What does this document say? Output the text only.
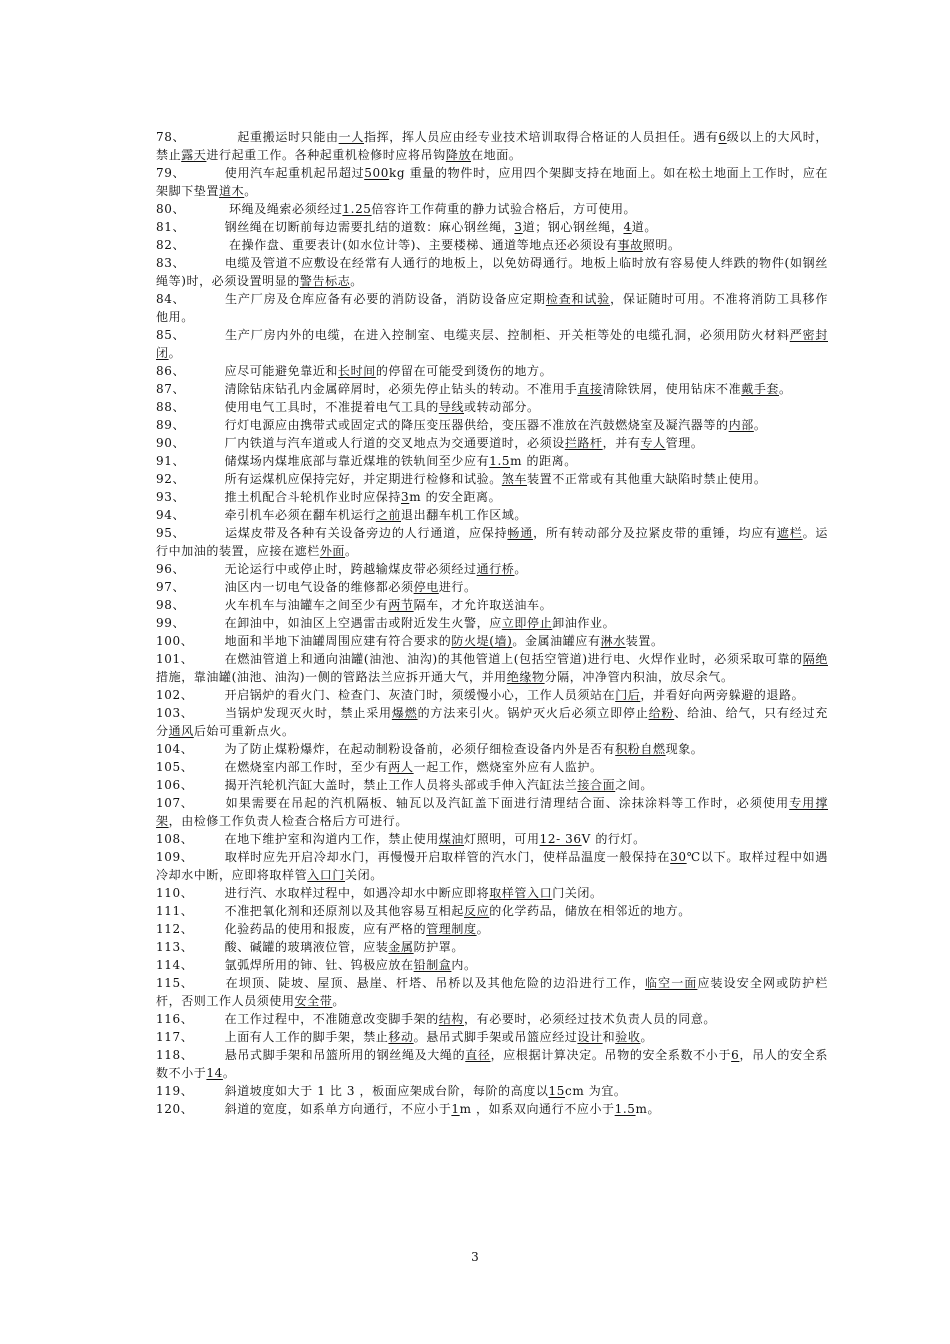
78、　　起重搬运时只能由一人指挥，挥人员应由经专业技术培训取得合格证的人员担任。遇有6级以上的大风时，禁止露天进行起重工作。各种起重机检修时应将吊钩降放在地面。

79、　使用汽车起重机起吊超过500kg 重量的物件时，应用四个架脚支持在地面上。如在松土地面上工作时，应在架脚下垫置道木。

80、　 环绳及绳索必须经过1.25倍容许工作荷重的静力试验合格后，方可使用。

81、　钢丝绳在切断前每边需要扎结的道数：麻心钢丝绳，3道；钢心钢丝绳，4道。

82、　 在操作盘、重要表计(如水位计等)、主要楼梯、通道等地点还必须设有事故照明。

83、　电缆及管道不应敷设在经常有人通行的地板上，以免妨碍通行。地板上临时放有容易使人绊跌的物件(如钢丝绳等)时，必须设置明显的警告标志。

84、　生产厂房及仓库应备有必要的消防设备，消防设备应定期检查和试验，保证随时可用。不准将消防工具移作他用。

85、　生产厂房内外的电缆，在进入控制室、电缆夹层、控制柜、开关柜等处的电缆孔洞，必须用防火材料严密封闭。

86、　应尽可能避免靠近和长时间的停留在可能受到烫伤的地方。

87、　清除钻床钻孔内金属碎屑时，必须先停止钻头的转动。不准用手直接清除铁屑，使用钻床不准戴手套。

88、　使用电气工具时，不准提着电气工具的导线或转动部分。

89、　行灯电源应由携带式或固定式的降压变压器供给，变压器不准放在汽鼓燃烧室及凝汽器等的内部。

90、　厂内铁道与汽车道或人行道的交叉地点为交通要道时，必须设拦路杆，并有专人管理。

91、　储煤场内煤堆底部与靠近煤堆的铁轨间至少应有1.5m 的距离。

92、　所有运煤机应保持完好，并定期进行检修和试验。煞车装置不正常或有其他重大缺陷时禁止使用。

93、　推土机配合斗轮机作业时应保持3m 的安全距离。

94、　牵引机车必须在翻车机运行之前退出翻车机工作区域。

95、　运煤皮带及各种有关设备旁边的人行通道，应保持畅通，所有转动部分及拉紧皮带的重锤，均应有遮栏。运行中加油的装置，应接在遮栏外面。

96、　无论运行中或停止时，跨越输煤皮带必须经过通行桥。

97、　油区内一切电气设备的维修都必须停电进行。

98、　火车机车与油罐车之间至少有两节隔车，才允许取送油车。

99、　在卸油中，如油区上空遇雷击或附近发生火警，应立即停止卸油作业。

100、　地面和半地下油罐周围应建有符合要求的防火堤(墙)。金属油罐应有淋水装置。

101、　在燃油管道上和通向油罐(油池、油沟)的其他管道上(包括空管道)进行电、火焊作业时，必须采取可靠的隔绝措施，靠油罐(油池、油沟)一侧的管路法兰应拆开通大气，并用绝缘物分隔，冲净管内积油，放尽余气。

102、　开启锅炉的看火门、检查门、灰渣门时，须缓慢小心，工作人员须站在门后，并看好向两旁躲避的退路。

103、　当锅炉发现灭火时，禁止采用爆燃的方法来引火。锅炉灭火后必须立即停止给粉、给油、给气，只有经过充分通风后始可重新点火。

104、　为了防止煤粉爆炸，在起动制粉设备前，必须仔细检查设备内外是否有积粉自燃现象。

105、　在燃烧室内部工作时，至少有两人一起工作，燃烧室外应有人监护。

106、　揭开汽轮机汽缸大盖时，禁止工作人员将头部或手伸入汽缸法兰接合面之间。

107、　如果需要在吊起的汽机隔板、轴瓦以及汽缸盖下面进行清理结合面、涂抹涂料等工作时，必须使用专用撑架，由检修工作负责人检查合格后方可进行。

108、　在地下维护室和沟道内工作，禁止使用煤油灯照明，可用12- 36V 的行灯。

109、　取样时应先开启冷却水门，再慢慢开启取样管的汽水门，使样品温度一般保持在30℃以下。取样过程中如遇冷却水中断，应即将取样管入口门关闭。

110、　进行汽、水取样过程中，如遇冷却水中断应即将取样管入口门关闭。

111、　不准把氧化剂和还原剂以及其他容易互相起反应的化学药品，储放在相邻近的地方。

112、　化验药品的使用和报废，应有严格的管理制度。

113、　酸、碱罐的玻璃液位管，应装金属防护罩。

114、　氩弧焊所用的铈、钍、钨极应放在铅制盒内。

115、　在坝顶、陡坡、屋顶、悬崖、杆塔、吊桥以及其他危险的边沿进行工作，临空一面应装设安全网或防护栏杆，否则工作人员须使用安全带。

116、　在工作过程中，不准随意改变脚手架的结构，有必要时，必须经过技术负责人员的同意。

117、　上面有人工作的脚手架，禁止移动。悬吊式脚手架或吊篮应经过设计和验收。

118、　悬吊式脚手架和吊篮所用的钢丝绳及大绳的直径，应根据计算决定。吊物的安全系数不小于6，吊人的安全系数不小于14。

119、　斜道坡度如大于 1 比 3 ，板面应架成台阶，每阶的高度以15cm 为宜。

120、　斜道的宽度，如系单方向通行，不应小于1m ，如系双向通行不应小于1.5m。

3
